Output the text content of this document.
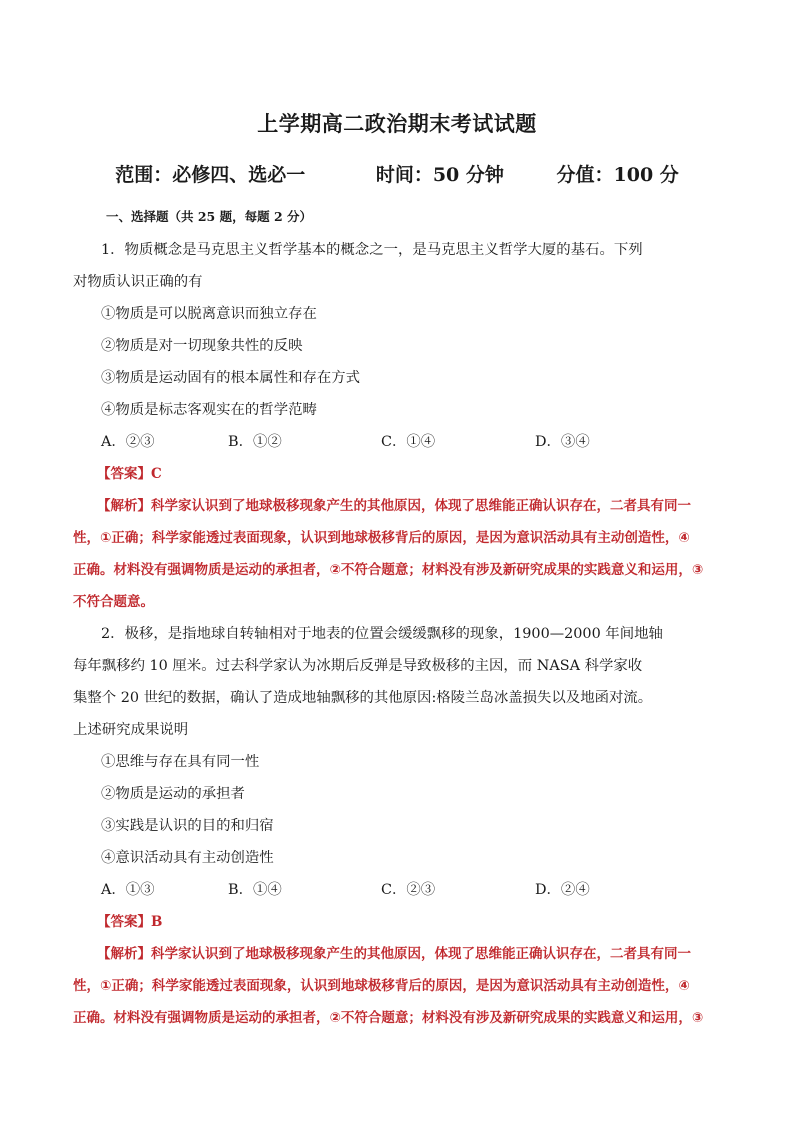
上学期高二政治期末考试试题
范围：必修四、选必一	时间：50 分钟	分值：100 分
一、选择题（共 25 题，每题 2 分）
1．物质概念是马克思主义哲学基本的概念之一，是马克思主义哲学大厦的基石。下列
对物质认识正确的有
①物质是可以脱离意识而独立存在
②物质是对一切现象共性的反映
③物质是运动固有的根本属性和存在方式
④物质是标志客观实在的哲学范畴
A．②③	B．①②	C．①④	D．③④
【答案】C
【解析】科学家认识到了地球极移现象产生的其他原因，体现了思维能正确认识存在，二者具有同一
性，①正确；科学家能透过表面现象，认识到地球极移背后的原因，是因为意识活动具有主动创造性，④
正确。材料没有强调物质是运动的承担者，②不符合题意；材料没有涉及新研究成果的实践意义和运用，③
不符合题意。
2．极移，是指地球自转轴相对于地表的位置会缓缓飘移的现象，1900—2000 年间地轴
每年飘移约 10 厘米。过去科学家认为冰期后反弹是导致极移的主因，而 NASA 科学家收
集整个 20 世纪的数据，确认了造成地轴飘移的其他原因:格陵兰岛冰盖损失以及地函对流。
上述研究成果说明
①思维与存在具有同一性
②物质是运动的承担者
③实践是认识的目的和归宿
④意识活动具有主动创造性
A．①③	B．①④	C．②③	D．②④
【答案】B
【解析】科学家认识到了地球极移现象产生的其他原因，体现了思维能正确认识存在，二者具有同一
性，①正确；科学家能透过表面现象，认识到地球极移背后的原因，是因为意识活动具有主动创造性，④
正确。材料没有强调物质是运动的承担者，②不符合题意；材料没有涉及新研究成果的实践意义和运用，③
